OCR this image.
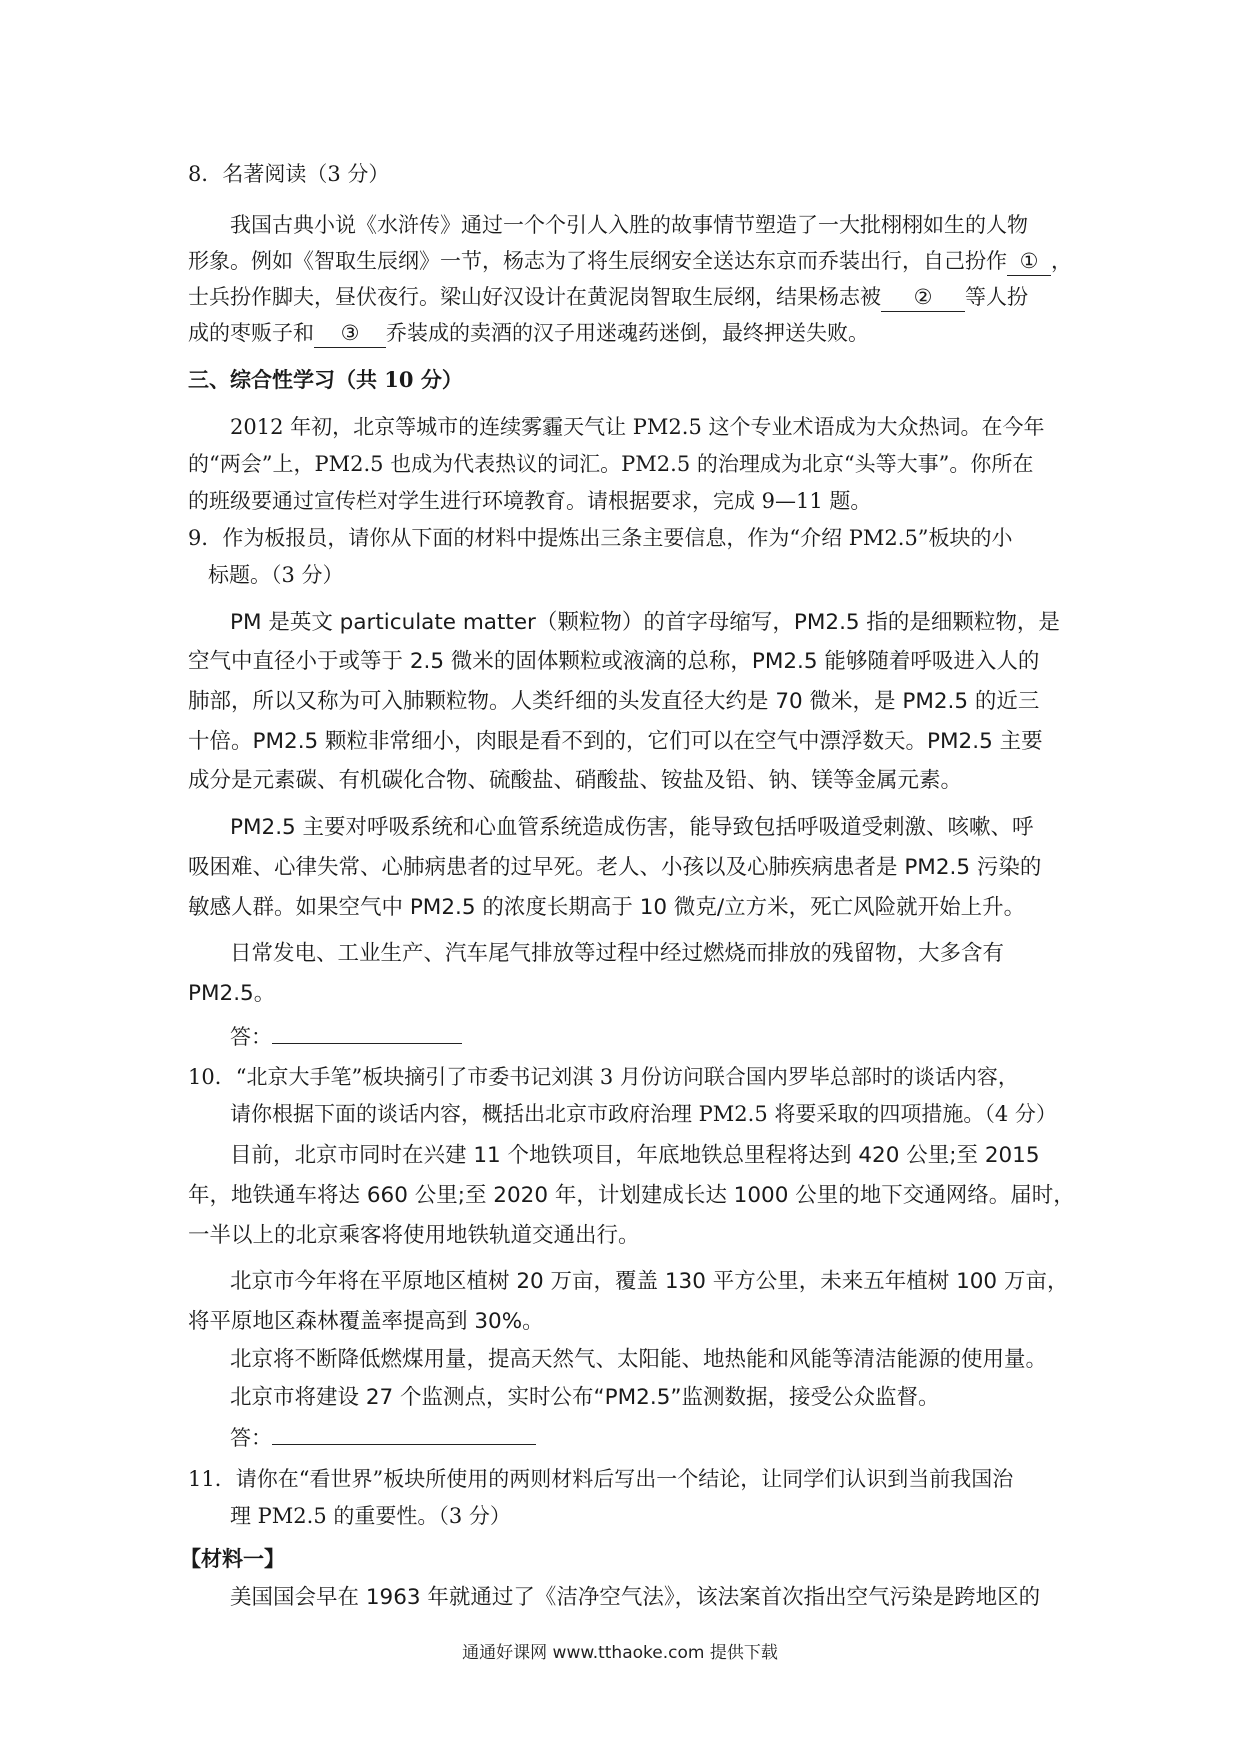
8．名著阅读（3 分）
我国古典小说《水浒传》通过一个个引人入胜的故事情节塑造了一大批栩栩如生的人物
形象。例如《智取生辰纲》一节，杨志为了将生辰纲安全送达东京而乔装出行，自己扮作 ① ，
士兵扮作脚夫，昼伏夜行。梁山好汉设计在黄泥岗智取生辰纲，结果杨志被 ② 等人扮
成的枣贩子和 ③ 乔装成的卖酒的汉子用迷魂药迷倒，最终押送失败。
三、综合性学习（共 10 分）
2012 年初，北京等城市的连续雾霾天气让 PM2.5 这个专业术语成为大众热词。在今年
的“两会”上，PM2.5 也成为代表热议的词汇。PM2.5 的治理成为北京“头等大事”。你所在
的班级要通过宣传栏对学生进行环境教育。请根据要求，完成 9—11 题。
9．作为板报员，请你从下面的材料中提炼出三条主要信息，作为“介绍 PM2.5”板块的小
标题。（3 分）
PM 是英文 particulate matter（颗粒物）的首字母缩写，PM2.5 指的是细颗粒物，是
空气中直径小于或等于 2.5 微米的固体颗粒或液滴的总称，PM2.5 能够随着呼吸进入人的
肺部，所以又称为可入肺颗粒物。人类纤细的头发直径大约是 70 微米，是 PM2.5 的近三
十倍。PM2.5 颗粒非常细小，肉眼是看不到的，它们可以在空气中漂浮数天。PM2.5 主要
成分是元素碳、有机碳化合物、硫酸盐、硝酸盐、铵盐及铅、钠、镁等金属元素。
PM2.5 主要对呼吸系统和心血管系统造成伤害，能导致包括呼吸道受刺激、咳嗽、呼
吸困难、心律失常、心肺病患者的过早死。老人、小孩以及心肺疾病患者是 PM2.5 污染的
敏感人群。如果空气中 PM2.5 的浓度长期高于 10 微克/立方米，死亡风险就开始上升。
日常发电、工业生产、汽车尾气排放等过程中经过燃烧而排放的残留物，大多含有
PM2.5。
答：
10．“北京大手笔”板块摘引了市委书记刘淇 3 月份访问联合国内罗毕总部时的谈话内容，
请你根据下面的谈话内容，概括出北京市政府治理 PM2.5 将要采取的四项措施。（4 分）
目前，北京市同时在兴建 11 个地铁项目，年底地铁总里程将达到 420 公里;至 2015
年，地铁通车将达 660 公里;至 2020 年，计划建成长达 1000 公里的地下交通网络。届时，
一半以上的北京乘客将使用地铁轨道交通出行。
北京市今年将在平原地区植树 20 万亩，覆盖 130 平方公里，未来五年植树 100 万亩，
将平原地区森林覆盖率提高到 30%。
北京将不断降低燃煤用量，提高天然气、太阳能、地热能和风能等清洁能源的使用量。
北京市将建设 27 个监测点，实时公布“PM2.5”监测数据，接受公众监督。
答：
11．请你在“看世界”板块所使用的两则材料后写出一个结论，让同学们认识到当前我国治
理 PM2.5 的重要性。（3 分）
【材料一】
美国国会早在 1963 年就通过了《洁净空气法》，该法案首次指出空气污染是跨地区的
通通好课网 www.tthaoke.com 提供下载
